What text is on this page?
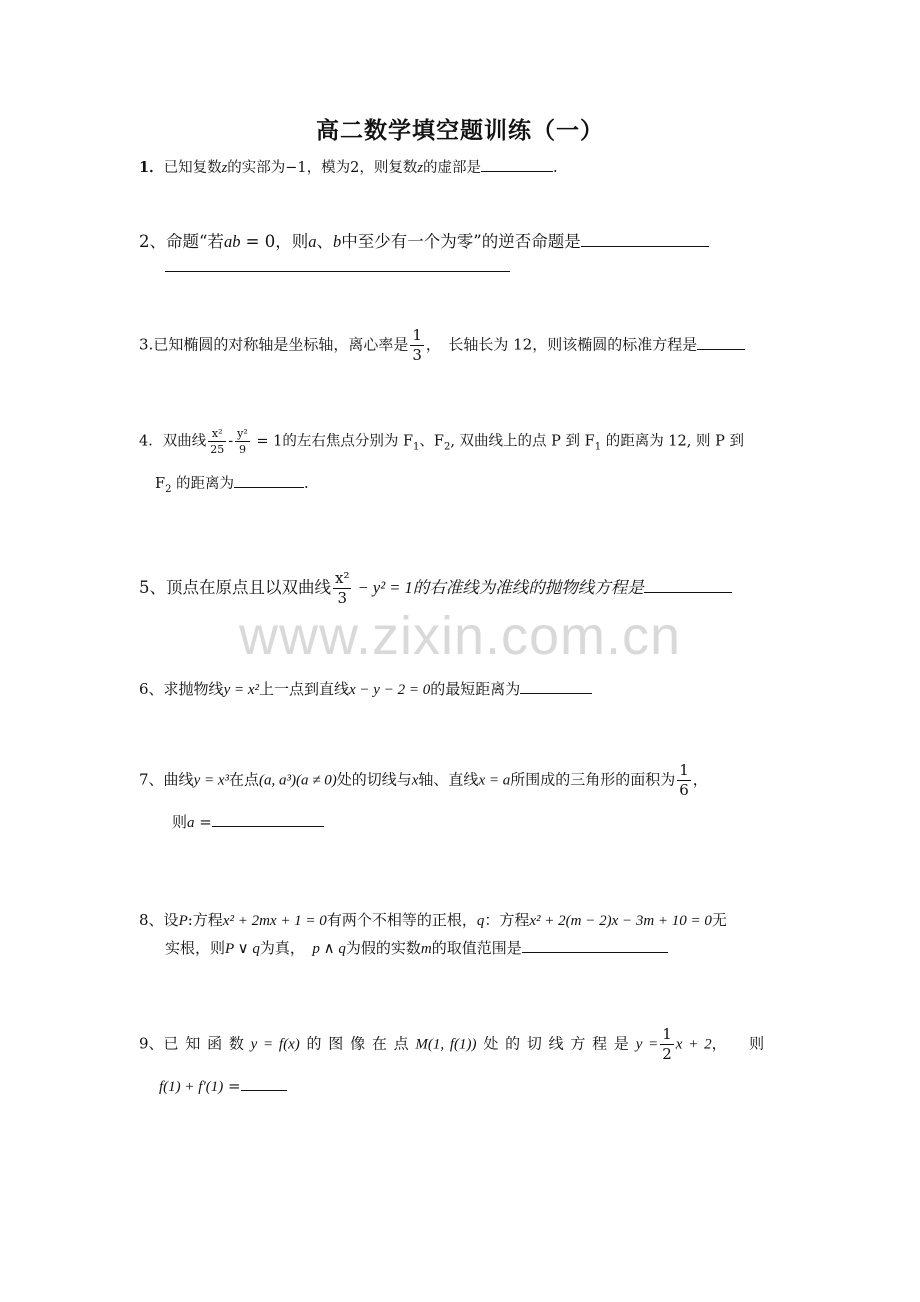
高二数学填空题训练（一）
1．已知复数z的实部为−1，模为2，则复数z的虚部是	.
2、命题“若ab = 0，则a、b中至少有一个为零”的逆否命题是
3.已知椭圆的对称轴是坐标轴，离心率是 $\frac{1}{3}$ ，　长轴长为 12，则该椭圆的标准方程是
4．双曲线 $\frac{\text{x²}}{25} - \frac{\text{y²}}{9} = 1$的左右焦点分别为 $F_1$、$F_2$, 双曲线上的点 P 到 $F_1$ 的距离为 12, 则 P 到
$F_2$ 的距离为	.
5、顶点在原点且以双曲线 $\frac{\text{x²}}{3} - y^2 = 1$的右准线为准线的抛物线方程是
www.zixin.com.cn
6、求抛物线y = x²上一点到直线x − y − 2 = 0的最短距离为
7、曲线y = x³在点(a, a³)(a ≠ 0)处的切线与x轴、直线x = a所围成的三角形的面积为 $\frac{1}{6}$ ，
则a =
8、设P:方程x² + 2mx + 1 = 0有两个不相等的正根，q：方程x² + 2(m − 2)x − 3m + 10 = 0无
实根，则P ∨ q为真，　p ∧ q为假的实数m的取值范围是
9、已 知 函 数 y = f(x) 的 图 像 在 点 M(1, f(1)) 处 的 切 线 方 程 是 $y = \frac{1}{2}$ x + 2，　　则
f(1) + f′(1) =
